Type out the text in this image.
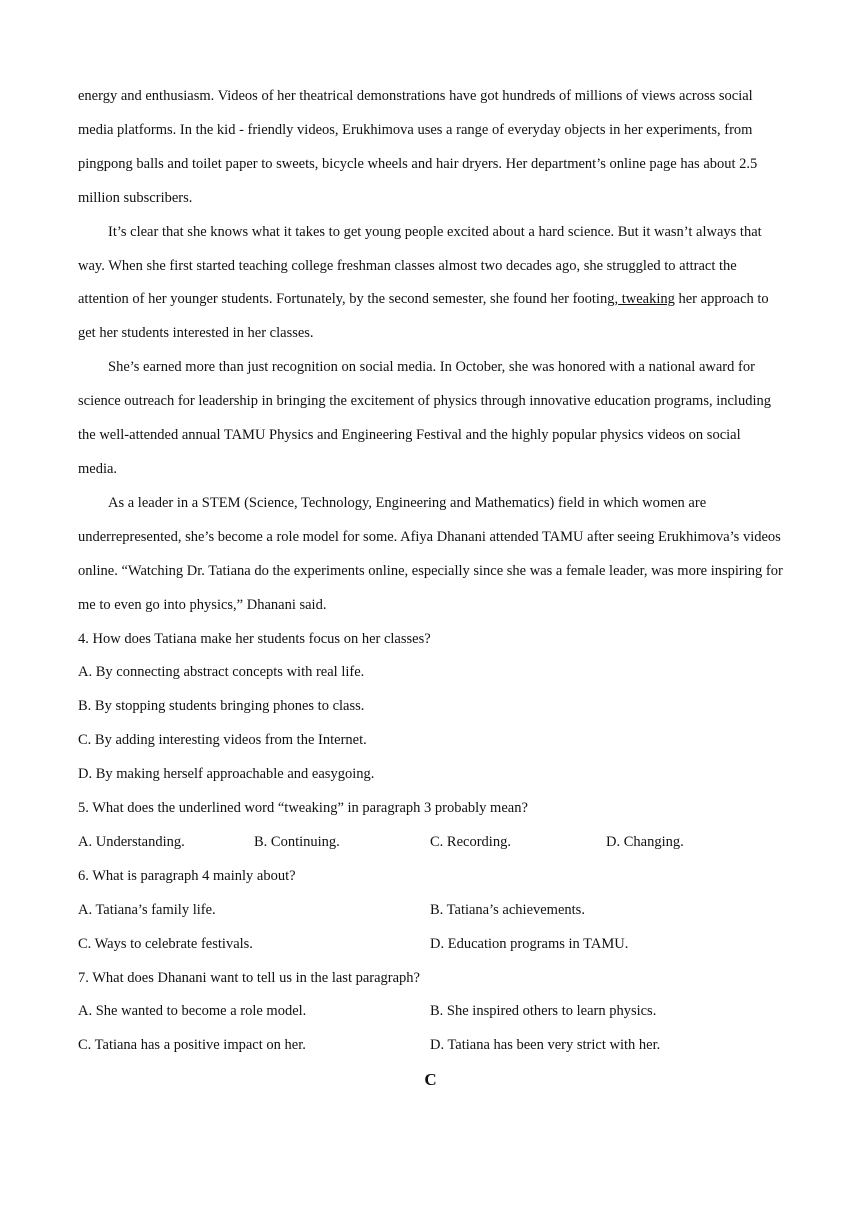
energy and enthusiasm. Videos of her theatrical demonstrations have got hundreds of millions of views across social media platforms. In the kid - friendly videos, Erukhimova uses a range of everyday objects in her experiments, from pingpong balls and toilet paper to sweets, bicycle wheels and hair dryers. Her department’s online page has about 2.5 million subscribers.

It’s clear that she knows what it takes to get young people excited about a hard science. But it wasn’t always that way. When she first started teaching college freshman classes almost two decades ago, she struggled to attract the attention of her younger students. Fortunately, by the second semester, she found her footing, tweaking her approach to get her students interested in her classes.

She’s earned more than just recognition on social media. In October, she was honored with a national award for science outreach for leadership in bringing the excitement of physics through innovative education programs, including the well-attended annual TAMU Physics and Engineering Festival and the highly popular physics videos on social media.

As a leader in a STEM (Science, Technology, Engineering and Mathematics) field in which women are underrepresented, she’s become a role model for some. Afiya Dhanani attended TAMU after seeing Erukhimova’s videos online. “Watching Dr. Tatiana do the experiments online, especially since she was a female leader, was more inspiring for me to even go into physics,” Dhanani said.

4. How does Tatiana make her students focus on her classes?

A. By connecting abstract concepts with real life.

B. By stopping students bringing phones to class.

C. By adding interesting videos from the Internet.

D. By making herself approachable and easygoing.

5. What does the underlined word “tweaking” in paragraph 3 probably mean?

A. Understanding.	B. Continuing.	C. Recording.	D. Changing.

6. What is paragraph 4 mainly about?

A. Tatiana’s family life.	B. Tatiana’s achievements.
C. Ways to celebrate festivals.	D. Education programs in TAMU.

7. What does Dhanani want to tell us in the last paragraph?

A. She wanted to become a role model.	B. She inspired others to learn physics.
C. Tatiana has a positive impact on her.	D. Tatiana has been very strict with her.

C
